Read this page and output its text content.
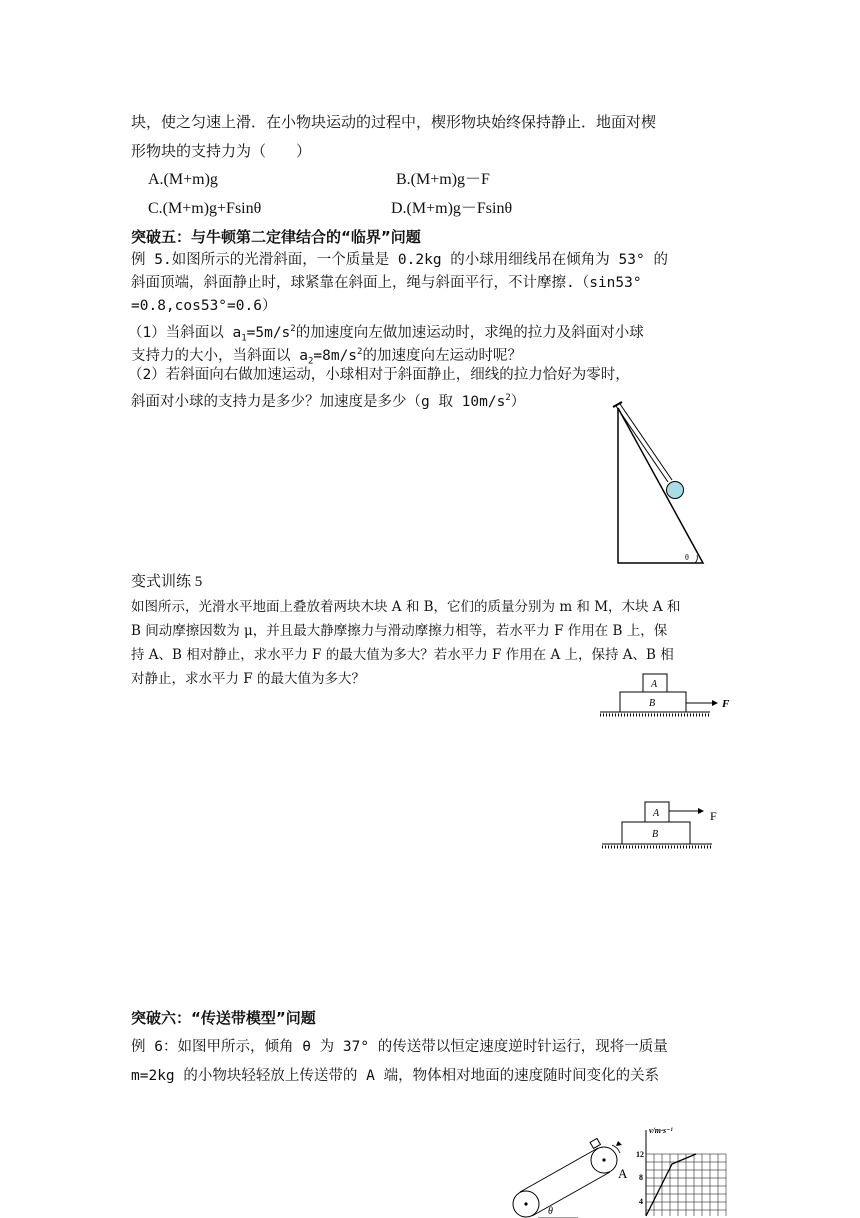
块，使之匀速上滑．在小物块运动的过程中，楔形物块始终保持静止．地面对楔
形物块的支持力为（　　）
A.(M+m)g	B.(M+m)g－F
C.(M+m)g+Fsinθ	D.(M+m)g－Fsinθ
突破五：与牛顿第二定律结合的“临界”问题
例 5.如图所示的光滑斜面，一个质量是 0.2kg 的小球用细线吊在倾角为 53° 的
斜面顶端，斜面静止时，球紧靠在斜面上，绳与斜面平行，不计摩擦.（sin53°
=0.8,cos53°=0.6）
（1）当斜面以 $a_1=5m/s^2$的加速度向左做加速运动时，求绳的拉力及斜面对小球
支持力的大小，当斜面以 $a_2=8m/s^2$的加速度向左运动时呢？
（2）若斜面向右做加速运动，小球相对于斜面静止，细线的拉力恰好为零时，
斜面对小球的支持力是多少？加速度是多少（g 取 $10m/s^2$）
θ
变式训练 5
如图所示，光滑水平地面上叠放着两块木块 A 和 B，它们的质量分别为 m 和 M，木块 A 和
B 间动摩擦因数为 μ，并且最大静摩擦力与滑动摩擦力相等，若水平力 F 作用在 B 上，保
持 A、B 相对静止，求水平力 F 的最大值为多大？若水平力 F 作用在 A 上，保持 A、B 相
对静止，求水平力 F 的最大值为多大？	A
B	F
A
B
F
突破六：“传送带模型”问题
例 6：如图甲所示，倾角 θ 为 37° 的传送带以恒定速度逆时针运行，现将一质量
m=2kg 的小物块轻轻放上传送带的 A 端，物体相对地面的速度随时间变化的关系
A
θ
v/m·s⁻¹
12
8
4
